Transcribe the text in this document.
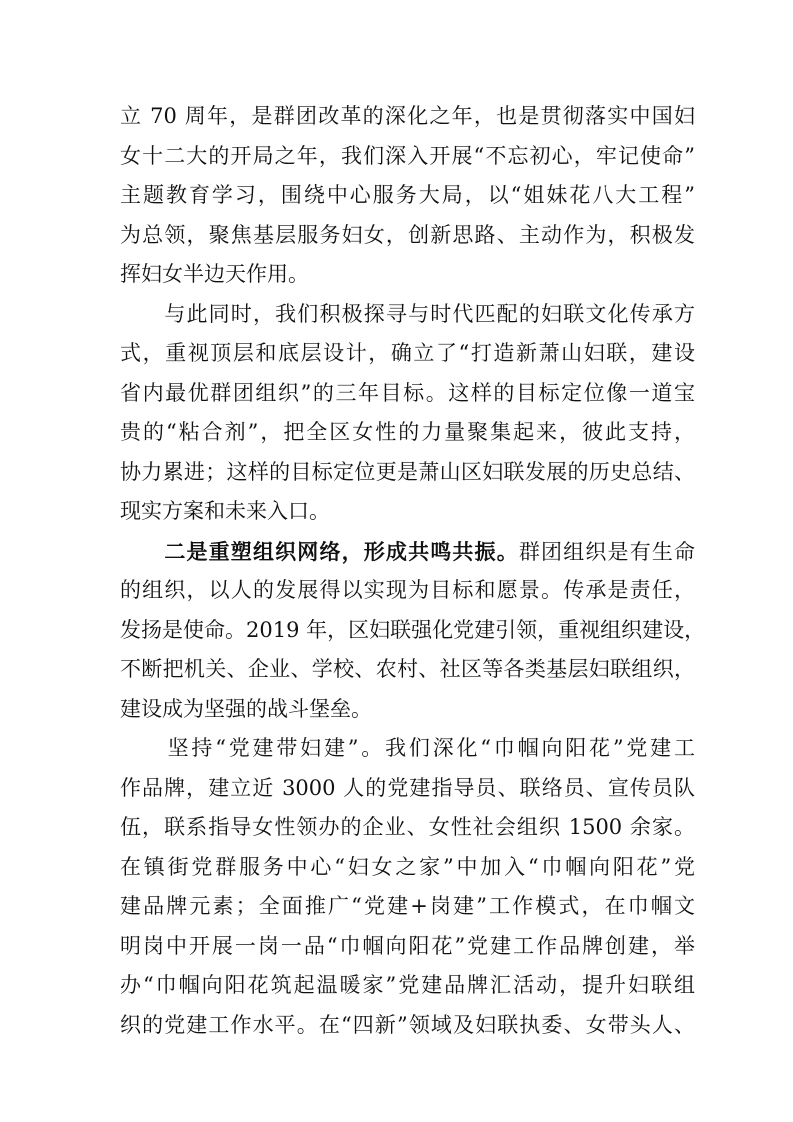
立 70 周年，是群团改革的深化之年，也是贯彻落实中国妇
女十二大的开局之年，我们深入开展“不忘初心，牢记使命”
主题教育学习，围绕中心服务大局，以“姐妹花八大工程”
为总领，聚焦基层服务妇女，创新思路、主动作为，积极发
挥妇女半边天作用。
　　与此同时，我们积极探寻与时代匹配的妇联文化传承方
式，重视顶层和底层设计，确立了“打造新萧山妇联，建设
省内最优群团组织”的三年目标。这样的目标定位像一道宝
贵的“粘合剂”，把全区女性的力量聚集起来，彼此支持，
协力累进；这样的目标定位更是萧山区妇联发展的历史总结、
现实方案和未来入口。
　　二是重塑组织网络，形成共鸣共振。群团组织是有生命
的组织，以人的发展得以实现为目标和愿景。传承是责任，
发扬是使命。2019 年，区妇联强化党建引领，重视组织建设，
不断把机关、企业、学校、农村、社区等各类基层妇联组织，
建设成为坚强的战斗堡垒。
　　坚持“党建带妇建”。我们深化“巾帼向阳花”党建工
作品牌，建立近 3000 人的党建指导员、联络员、宣传员队
伍，联系指导女性领办的企业、女性社会组织 1500 余家。
在镇街党群服务中心“妇女之家”中加入“巾帼向阳花”党
建品牌元素；全面推广“党建+岗建”工作模式，在巾帼文
明岗中开展一岗一品“巾帼向阳花”党建工作品牌创建，举
办“巾帼向阳花筑起温暖家”党建品牌汇活动，提升妇联组
织的党建工作水平。在“四新”领域及妇联执委、女带头人、
